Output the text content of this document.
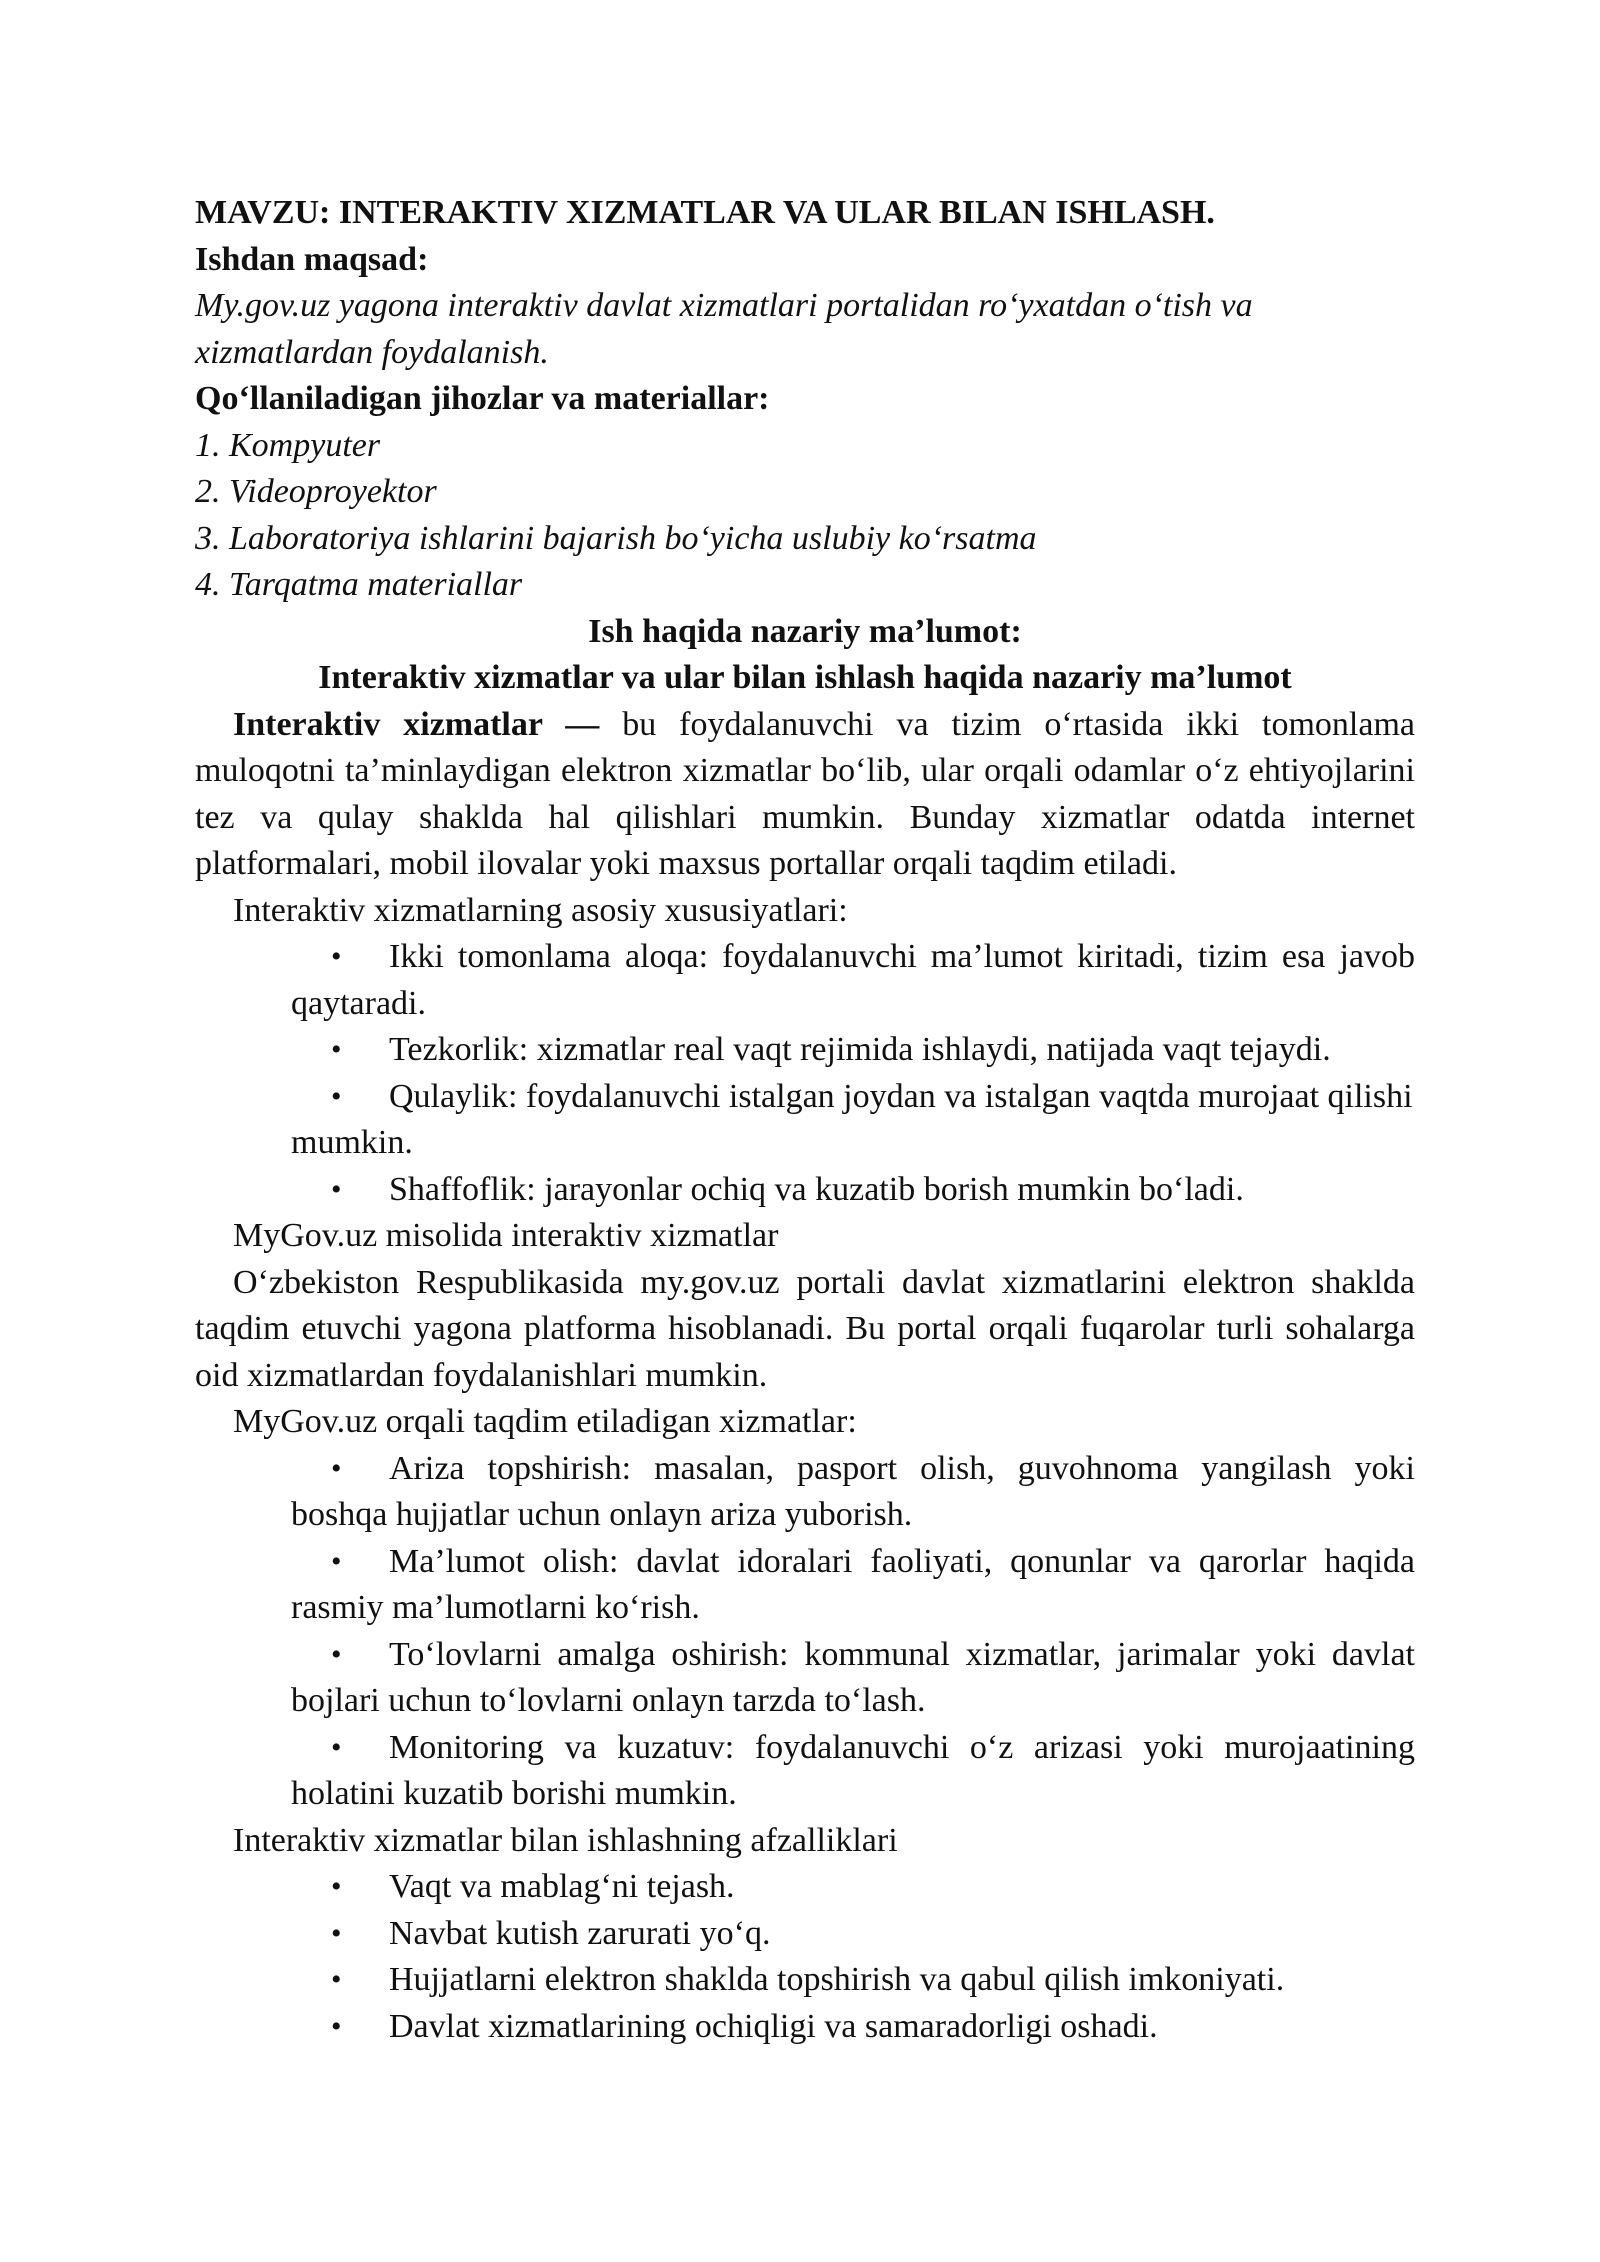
MAVZU: INTERAKTIV XIZMATLAR VA ULAR BILAN ISHLASH.

Ishdan maqsad:

My.gov.uz yagona interaktiv davlat xizmatlari portalidan ro‘yxatdan o‘tish va xizmatlardan foydalanish.

Qo‘llaniladigan jihozlar va materiallar:

1. Kompyuter

2. Videoproyektor

3. Laboratoriya ishlarini bajarish bo‘yicha uslubiy ko‘rsatma

4. Tarqatma materiallar

Ish haqida nazariy ma’lumot:

Interaktiv xizmatlar va ular bilan ishlash haqida nazariy ma’lumot

Interaktiv xizmatlar — bu foydalanuvchi va tizim o‘rtasida ikki tomonlama muloqotni ta’minlaydigan elektron xizmatlar bo‘lib, ular orqali odamlar o‘z ehtiyojlarini tez va qulay shaklda hal qilishlari mumkin. Bunday xizmatlar odatda internet platformalari, mobil ilovalar yoki maxsus portallar orqali taqdim etiladi.

Interaktiv xizmatlarning asosiy xususiyatlari:

• Ikki tomonlama aloqa: foydalanuvchi ma’lumot kiritadi, tizim esa javob qaytaradi.
• Tezkorlik: xizmatlar real vaqt rejimida ishlaydi, natijada vaqt tejaydi.
• Qulaylik: foydalanuvchi istalgan joydan va istalgan vaqtda murojaat qilishi mumkin.
• Shaffoflik: jarayonlar ochiq va kuzatib borish mumkin bo‘ladi.

MyGov.uz misolida interaktiv xizmatlar

O‘zbekiston Respublikasida my.gov.uz portali davlat xizmatlarini elektron shaklda taqdim etuvchi yagona platforma hisoblanadi. Bu portal orqali fuqarolar turli sohalarga oid xizmatlardan foydalanishlari mumkin.

MyGov.uz orqali taqdim etiladigan xizmatlar:

• Ariza topshirish: masalan, pasport olish, guvohnoma yangilash yoki boshqa hujjatlar uchun onlayn ariza yuborish.
• Ma’lumot olish: davlat idoralari faoliyati, qonunlar va qarorlar haqida rasmiy ma’lumotlarni ko‘rish.
• To‘lovlarni amalga oshirish: kommunal xizmatlar, jarimalar yoki davlat bojlari uchun to‘lovlarni onlayn tarzda to‘lash.
• Monitoring va kuzatuv: foydalanuvchi o‘z arizasi yoki murojaatining holatini kuzatib borishi mumkin.

Interaktiv xizmatlar bilan ishlashning afzalliklari

• Vaqt va mablag‘ni tejash.
• Navbat kutish zarurati yo‘q.
• Hujjatlarni elektron shaklda topshirish va qabul qilish imkoniyati.
• Davlat xizmatlarining ochiqligi va samaradorligi oshadi.
